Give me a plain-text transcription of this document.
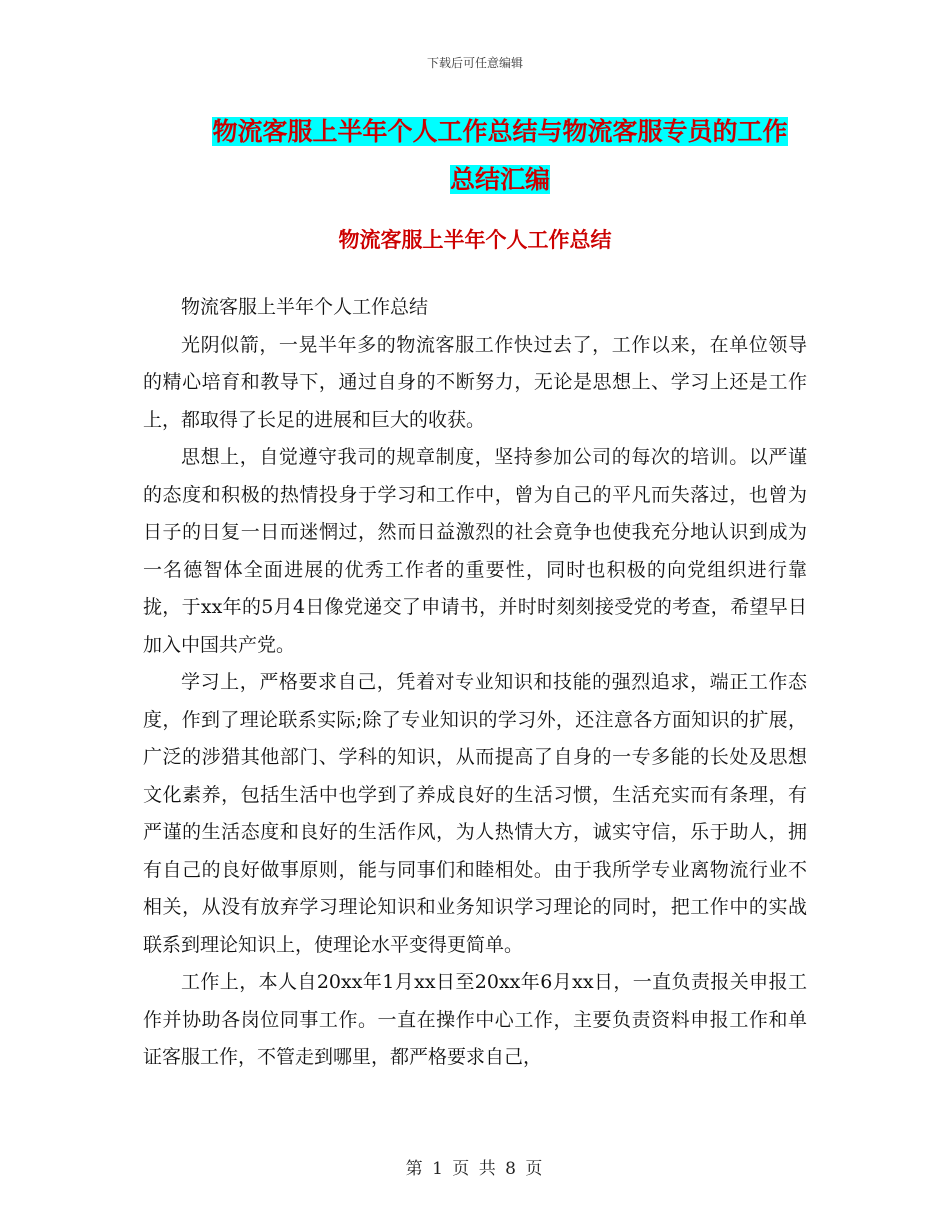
下载后可任意编辑
物流客服上半年个人工作总结与物流客服专员的工作
总结汇编
物流客服上半年个人工作总结

物流客服上半年个人工作总结

光阴似箭，一晃半年多的物流客服工作快过去了，工作以来，在单位领导的精心培育和教导下，通过自身的不断努力，无论是思想上、学习上还是工作上，都取得了长足的进展和巨大的收获。

思想上，自觉遵守我司的规章制度，坚持参加公司的每次的培训。以严谨的态度和积极的热情投身于学习和工作中，曾为自己的平凡而失落过，也曾为日子的日复一日而迷惘过，然而日益激烈的社会竟争也使我充分地认识到成为一名德智体全面进展的优秀工作者的重要性，同时也积极的向党组织进行靠拢，于xx年的5月4日像党递交了申请书，并时时刻刻接受党的考查，希望早日加入中国共产党。

学习上，严格要求自己，凭着对专业知识和技能的强烈追求，端正工作态度，作到了理论联系实际;除了专业知识的学习外，还注意各方面知识的扩展，广泛的涉猎其他部门、学科的知识，从而提高了自身的一专多能的长处及思想文化素养，包括生活中也学到了养成良好的生活习惯，生活充实而有条理，有严谨的生活态度和良好的生活作风，为人热情大方，诚实守信，乐于助人，拥有自己的良好做事原则，能与同事们和睦相处。由于我所学专业离物流行业不相关，从没有放弃学习理论知识和业务知识学习理论的同时，把工作中的实战联系到理论知识上，使理论水平变得更简单。

工作上，本人自20xx年1月xx日至20xx年6月xx日，一直负责报关申报工作并协助各岗位同事工作。一直在操作中心工作，主要负责资料申报工作和单证客服工作，不管走到哪里，都严格要求自己，

第 1 页 共 8 页
